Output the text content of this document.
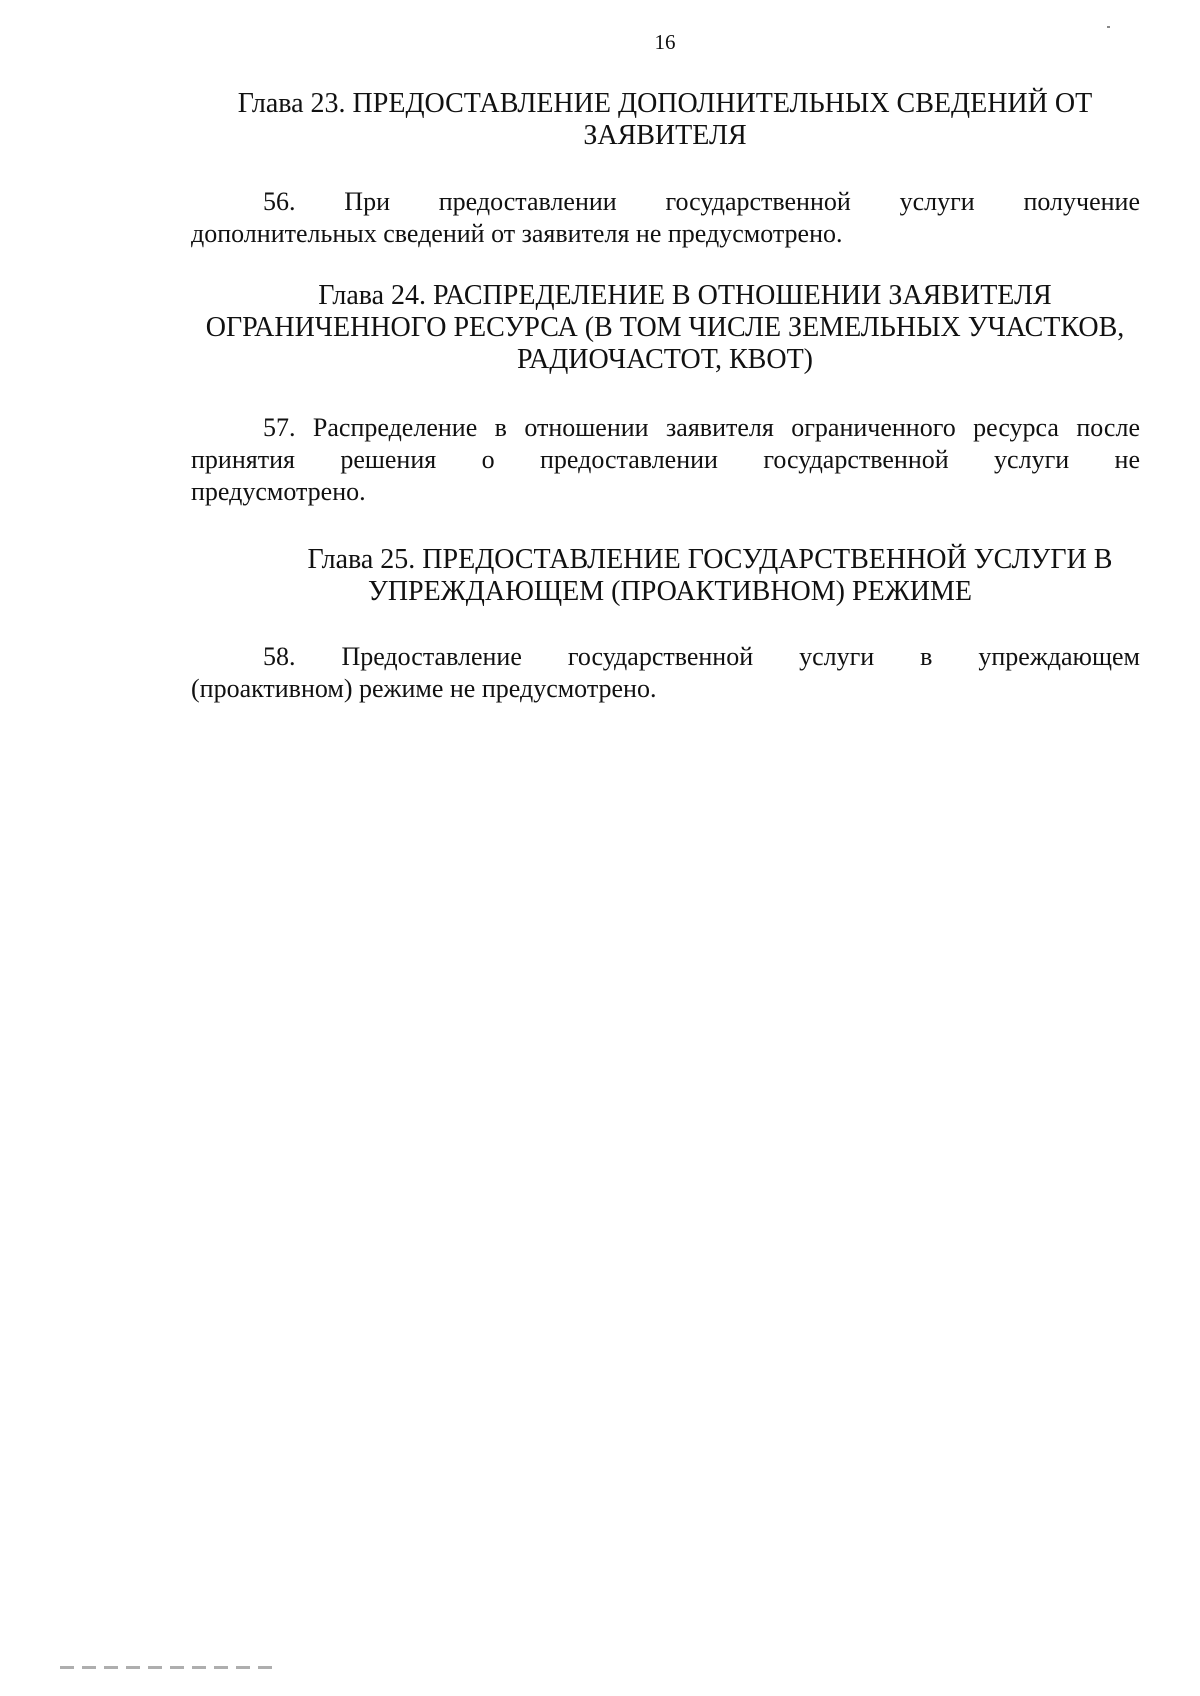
16
Глава 23. ПРЕДОСТАВЛЕНИЕ ДОПОЛНИТЕЛЬНЫХ СВЕДЕНИЙ ОТ
ЗАЯВИТЕЛЯ
56. При предоставлении государственной услуги получение
дополнительных сведений от заявителя не предусмотрено.
Глава 24. РАСПРЕДЕЛЕНИЕ В ОТНОШЕНИИ ЗАЯВИТЕЛЯ
ОГРАНИЧЕННОГО РЕСУРСА (В ТОМ ЧИСЛЕ ЗЕМЕЛЬНЫХ УЧАСТКОВ,
РАДИОЧАСТОТ, КВОТ)
57. Распределение в отношении заявителя ограниченного ресурса после
принятия решения о предоставлении государственной услуги не
предусмотрено.
Глава 25. ПРЕДОСТАВЛЕНИЕ ГОСУДАРСТВЕННОЙ УСЛУГИ В
УПРЕЖДАЮЩЕМ (ПРОАКТИВНОМ) РЕЖИМЕ
58. Предоставление государственной услуги в упреждающем
(проактивном) режиме не предусмотрено.
